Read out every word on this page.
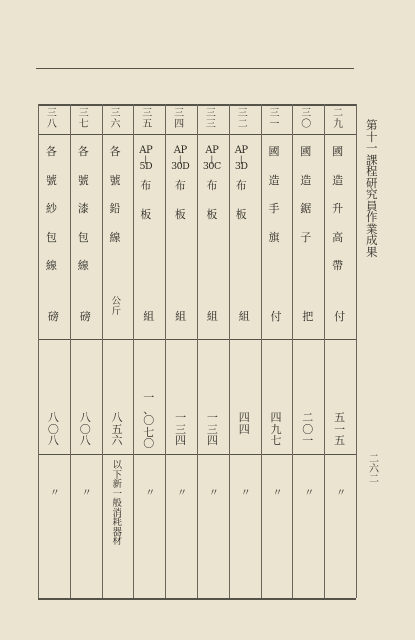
二
九
國
造
升
高
帶
付
五
一
五
〃
三
〇
國
造
鋸
子
把
二
〇
一
〃
三
一
國
造
手
旗
付
四
九
七
〃
三
二
AP
|
3D
布
板
組
四
四
〃
三
三
AP
|
30C
布
板
組
一
三
四
〃
三
四
AP
|
30D
布
板
組
一
三
四
〃
三
五
AP
|
5D
布
板
組
一
、
〇
七
〇
〃
三
六
各
號
鉛
線
公
斤
八
五
六
以
下
新
一
般
消
耗
器
材
三
七
各
號
漆
包
線
磅
八
〇
八
〃
三
八
各
號
紗
包
線
磅
八
〇
八
〃
第
十
一
課
程
研
究
員
作
業
成
果
二
六
二
